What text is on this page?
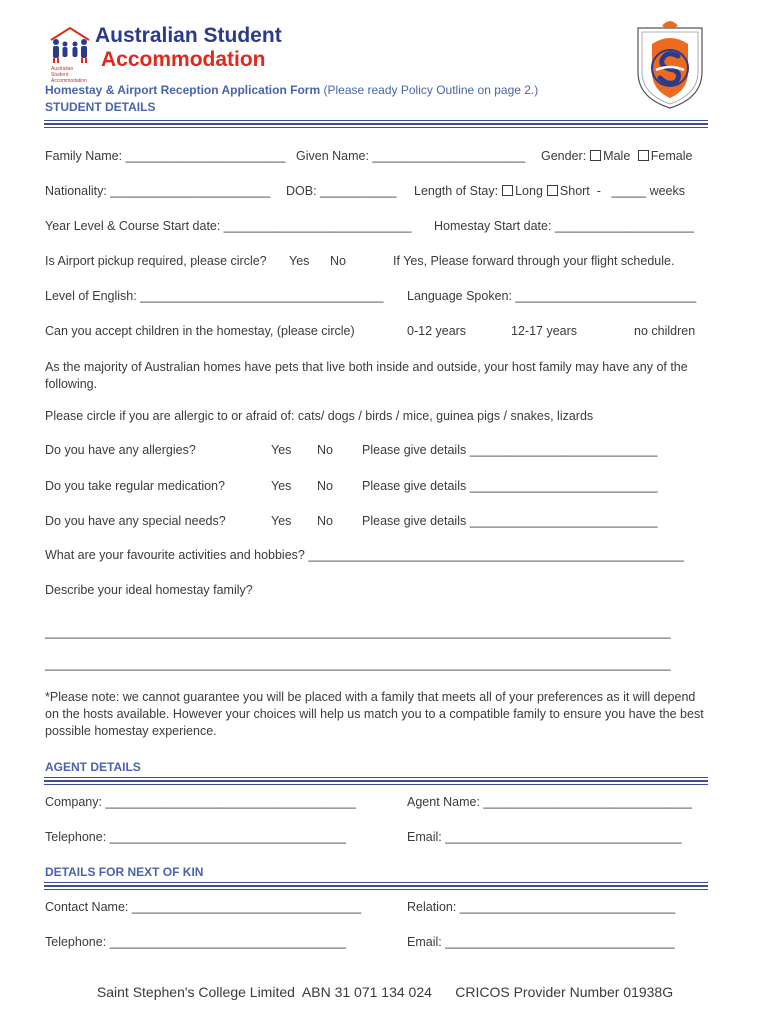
Australian Student Accommodation
Australian Student
Accommodation
Homestay & Airport Reception Application Form (Please ready Policy Outline on page 2.)
STUDENT DETAILS
Family Name: _______________________ Given Name: ______________________ Gender: Male Female
Nationality: _______________________ DOB: ___________ Length of Stay: Long Short -   _____ weeks
Year Level & Course Start date: ___________________________ Homestay Start date: ____________________
Is Airport pickup required, please circle? Yes No	If Yes, Please forward through your flight schedule.
Level of English: ___________________________________ Language Spoken: __________________________
Can you accept children in the homestay, (please circle)	0-12 years	12-17 years	no children
As the majority of Australian homes have pets that live both inside and outside, your host family may have any of the following.
Please circle if you are allergic to or afraid of: cats/ dogs / birds / mice, guinea pigs / snakes, lizards
Do you have any allergies?	Yes No Please give details ___________________________
Do you take regular medication?	Yes No Please give details ___________________________
Do you have any special needs?	Yes No Please give details ___________________________
What are your favourite activities and hobbies? ______________________________________________________
Describe your ideal homestay family?
__________________________________________________________________________________________
__________________________________________________________________________________________
*Please note: we cannot guarantee you will be placed with a family that meets all of your preferences as it will depend on the hosts available. However your choices will help us match you to a compatible family to ensure you have the best possible homestay experience.
AGENT DETAILS
Company: ____________________________________	Agent Name: ______________________________
Telephone: __________________________________	Email: __________________________________
DETAILS FOR NEXT OF KIN
Contact Name: _________________________________	Relation: _______________________________
Telephone: __________________________________	Email: _________________________________
Saint Stephen's College Limited  ABN 31 071 134 024      CRICOS Provider Number 01938G
